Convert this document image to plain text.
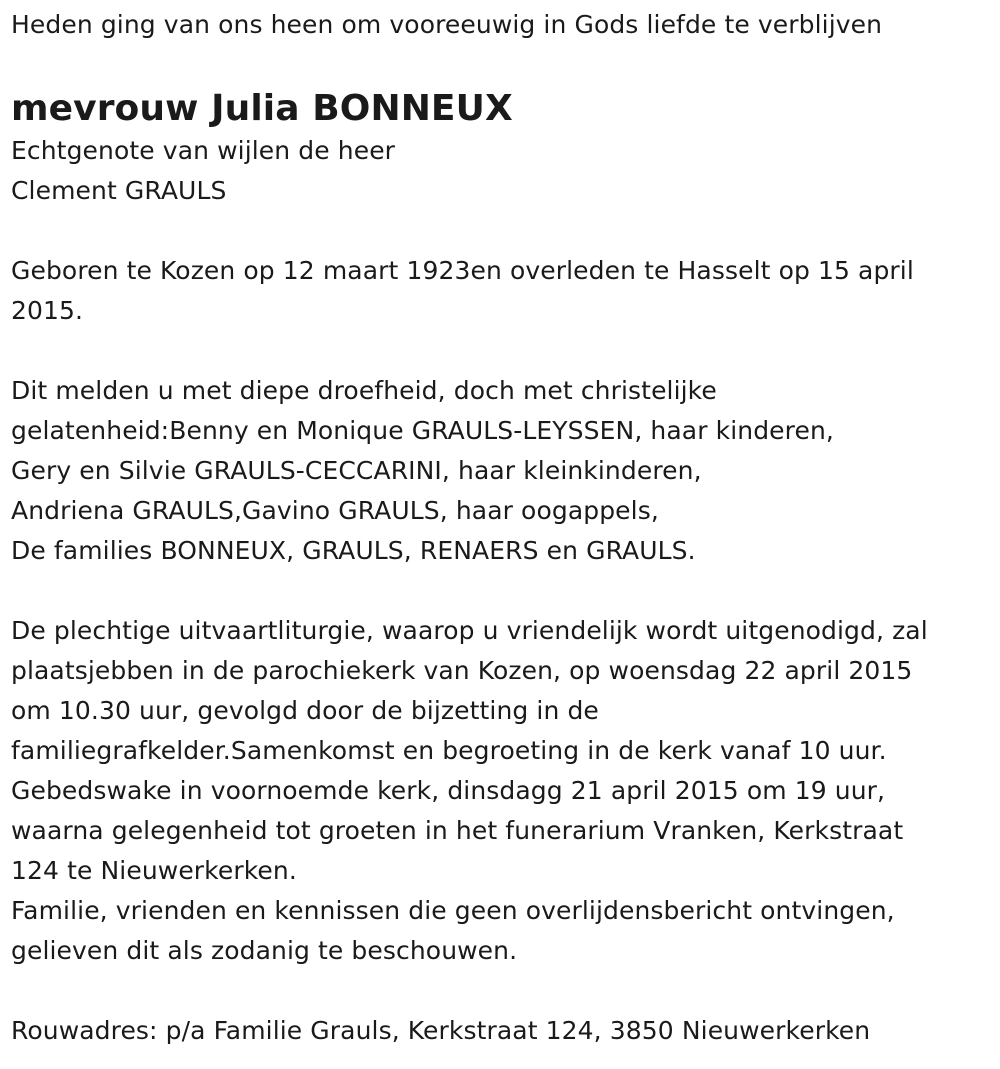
Heden ging van ons heen om vooreeuwig in Gods liefde te verblijven
mevrouw Julia BONNEUX
Echtgenote van wijlen de heer
Clement GRAULS
Geboren te Kozen op 12 maart 1923en overleden te Hasselt op 15 april
2015.
Dit melden u met diepe droefheid, doch met christelijke
gelatenheid:Benny en Monique GRAULS-LEYSSEN, haar kinderen,
Gery en Silvie GRAULS-CECCARINI, haar kleinkinderen,
Andriena GRAULS,Gavino GRAULS, haar oogappels,
De families BONNEUX, GRAULS, RENAERS en GRAULS.
De plechtige uitvaartliturgie, waarop u vriendelijk wordt uitgenodigd, zal
plaatsjebben in de parochiekerk van Kozen, op woensdag 22 april 2015
om 10.30 uur, gevolgd door de bijzetting in de
familiegrafkelder.Samenkomst en begroeting in de kerk vanaf 10 uur.
Gebedswake in voornoemde kerk, dinsdagg 21 april 2015 om 19 uur,
waarna gelegenheid tot groeten in het funerarium Vranken, Kerkstraat
124 te Nieuwerkerken.
Familie, vrienden en kennissen die geen overlijdensbericht ontvingen,
gelieven dit als zodanig te beschouwen.
Rouwadres: p/a Familie Grauls, Kerkstraat 124, 3850 Nieuwerkerken
